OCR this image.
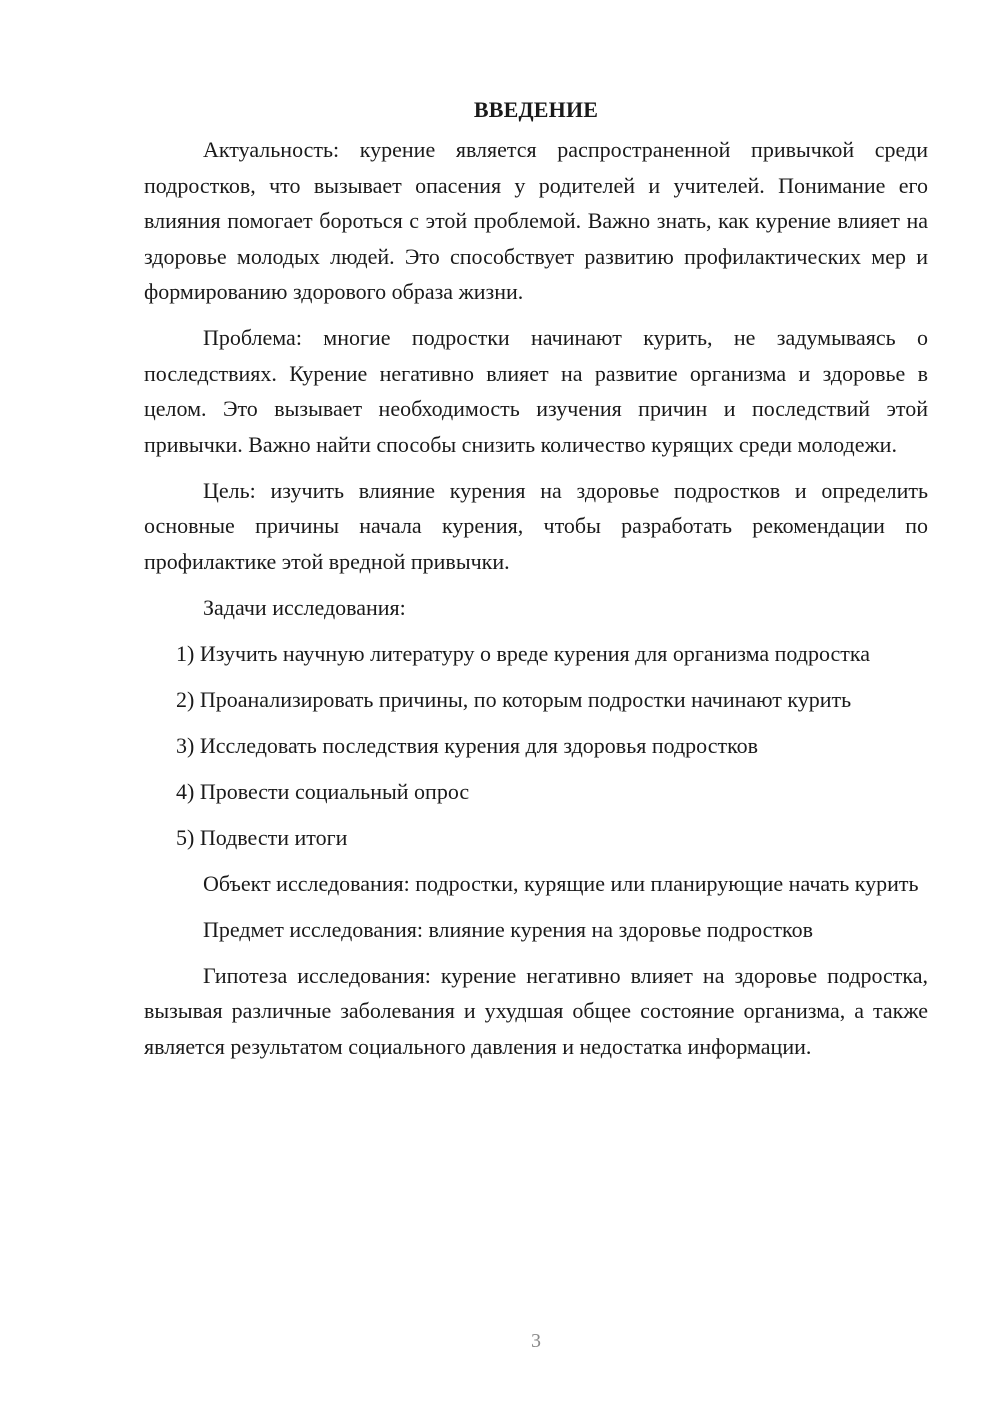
ВВЕДЕНИЕ

Актуальность: курение является распространенной привычкой среди подростков, что вызывает опасения у родителей и учителей. Понимание его влияния помогает бороться с этой проблемой. Важно знать, как курение влияет на здоровье молодых людей. Это способствует развитию профилактических мер и формированию здорового образа жизни.

Проблема: многие подростки начинают курить, не задумываясь о последствиях. Курение негативно влияет на развитие организма и здоровье в целом. Это вызывает необходимость изучения причин и последствий этой привычки. Важно найти способы снизить количество курящих среди молодежи.

Цель: изучить влияние курения на здоровье подростков и определить основные причины начала курения, чтобы разработать рекомендации по профилактике этой вредной привычки.

Задачи исследования:

1) Изучить научную литературу о вреде курения для организма подростка

2) Проанализировать причины, по которым подростки начинают курить

3) Исследовать последствия курения для здоровья подростков

4) Провести социальный опрос

5) Подвести итоги

Объект исследования: подростки, курящие или планирующие начать курить

Предмет исследования: влияние курения на здоровье подростков

Гипотеза исследования: курение негативно влияет на здоровье подростка, вызывая различные заболевания и ухудшая общее состояние организма, а также является результатом социального давления и недостатка информации.

3
